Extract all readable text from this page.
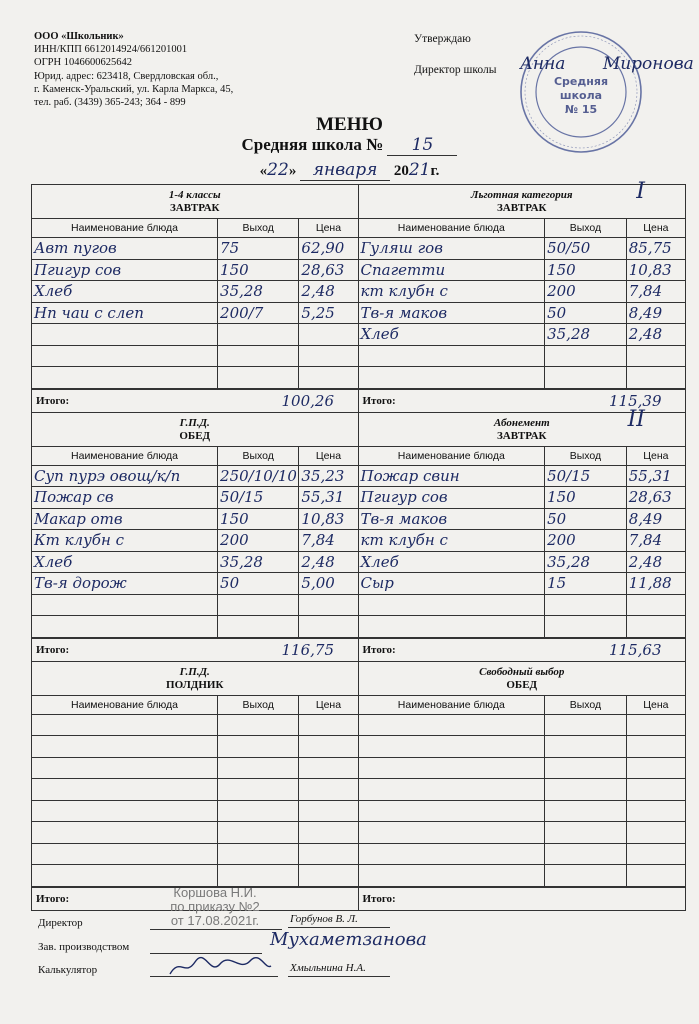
ООО «Школьник»
ИНН/КПП 6612014924/661201001
ОГРН 1046600625642
Юрид. адрес: 623418, Свердловская обл.,
г. Каменск-Уральский, ул. Карла Маркса, 45,
тел. раб. (3439) 365-243; 364 - 899
Утверждаю
Директор школы
Средняя
школа
№ 15
Анна Миронова
МЕНЮ
Средняя школа № 15
«22» января 2021г.
1-4 классы
ЗАВТРАК
Наименование блюда	Выход	Цена
Авт пугов	75	62,90
Пгигур сов	150	28,63
Хлеб	35,28	2,48
Нп чаи с слеп	200/7	5,25

Итого:	100,26
Льготная категория
ЗАВТРАК
I
Наименование блюда	Выход	Цена
Гуляш гов	50/50	85,75
Спагетти	150	10,83
кт клубн с	200	7,84
Тв-я маков	50	8,49
Хлеб	35,28	2,48

Итого:	115,39
Г.П.Д.
ОБЕД
Наименование блюда	Выход	Цена
Суп пурэ овощ/к/п	250/10/10	35,23
Пожар св	50/15	55,31
Макар отв	150	10,83
Кт клубн с	200	7,84
Хлеб	35,28	2,48
Тв-я дорож	50	5,00

Итого:	116,75
Абонемент
ЗАВТРАК
II
Наименование блюда	Выход	Цена
Пожар свин	50/15	55,31
Пгигур сов	150	28,63
Тв-я маков	50	8,49
кт клубн с	200	7,84
Хлеб	35,28	2,48
Сыр	15	11,88

Итого:	115,63
Г.П.Д.
ПОЛДНИК
Наименование блюда	Выход	Цена

Итого:
Свободный выбор
ОБЕД
Наименование блюда	Выход	Цена

Итого:
Коршова Н.И.
по приказу №2
от 17.08.2021г.
Директор	Горбунов В. Л.
Зав. производством	Мухаметзанова
Калькулятор	Хмыльнина Н.А.
